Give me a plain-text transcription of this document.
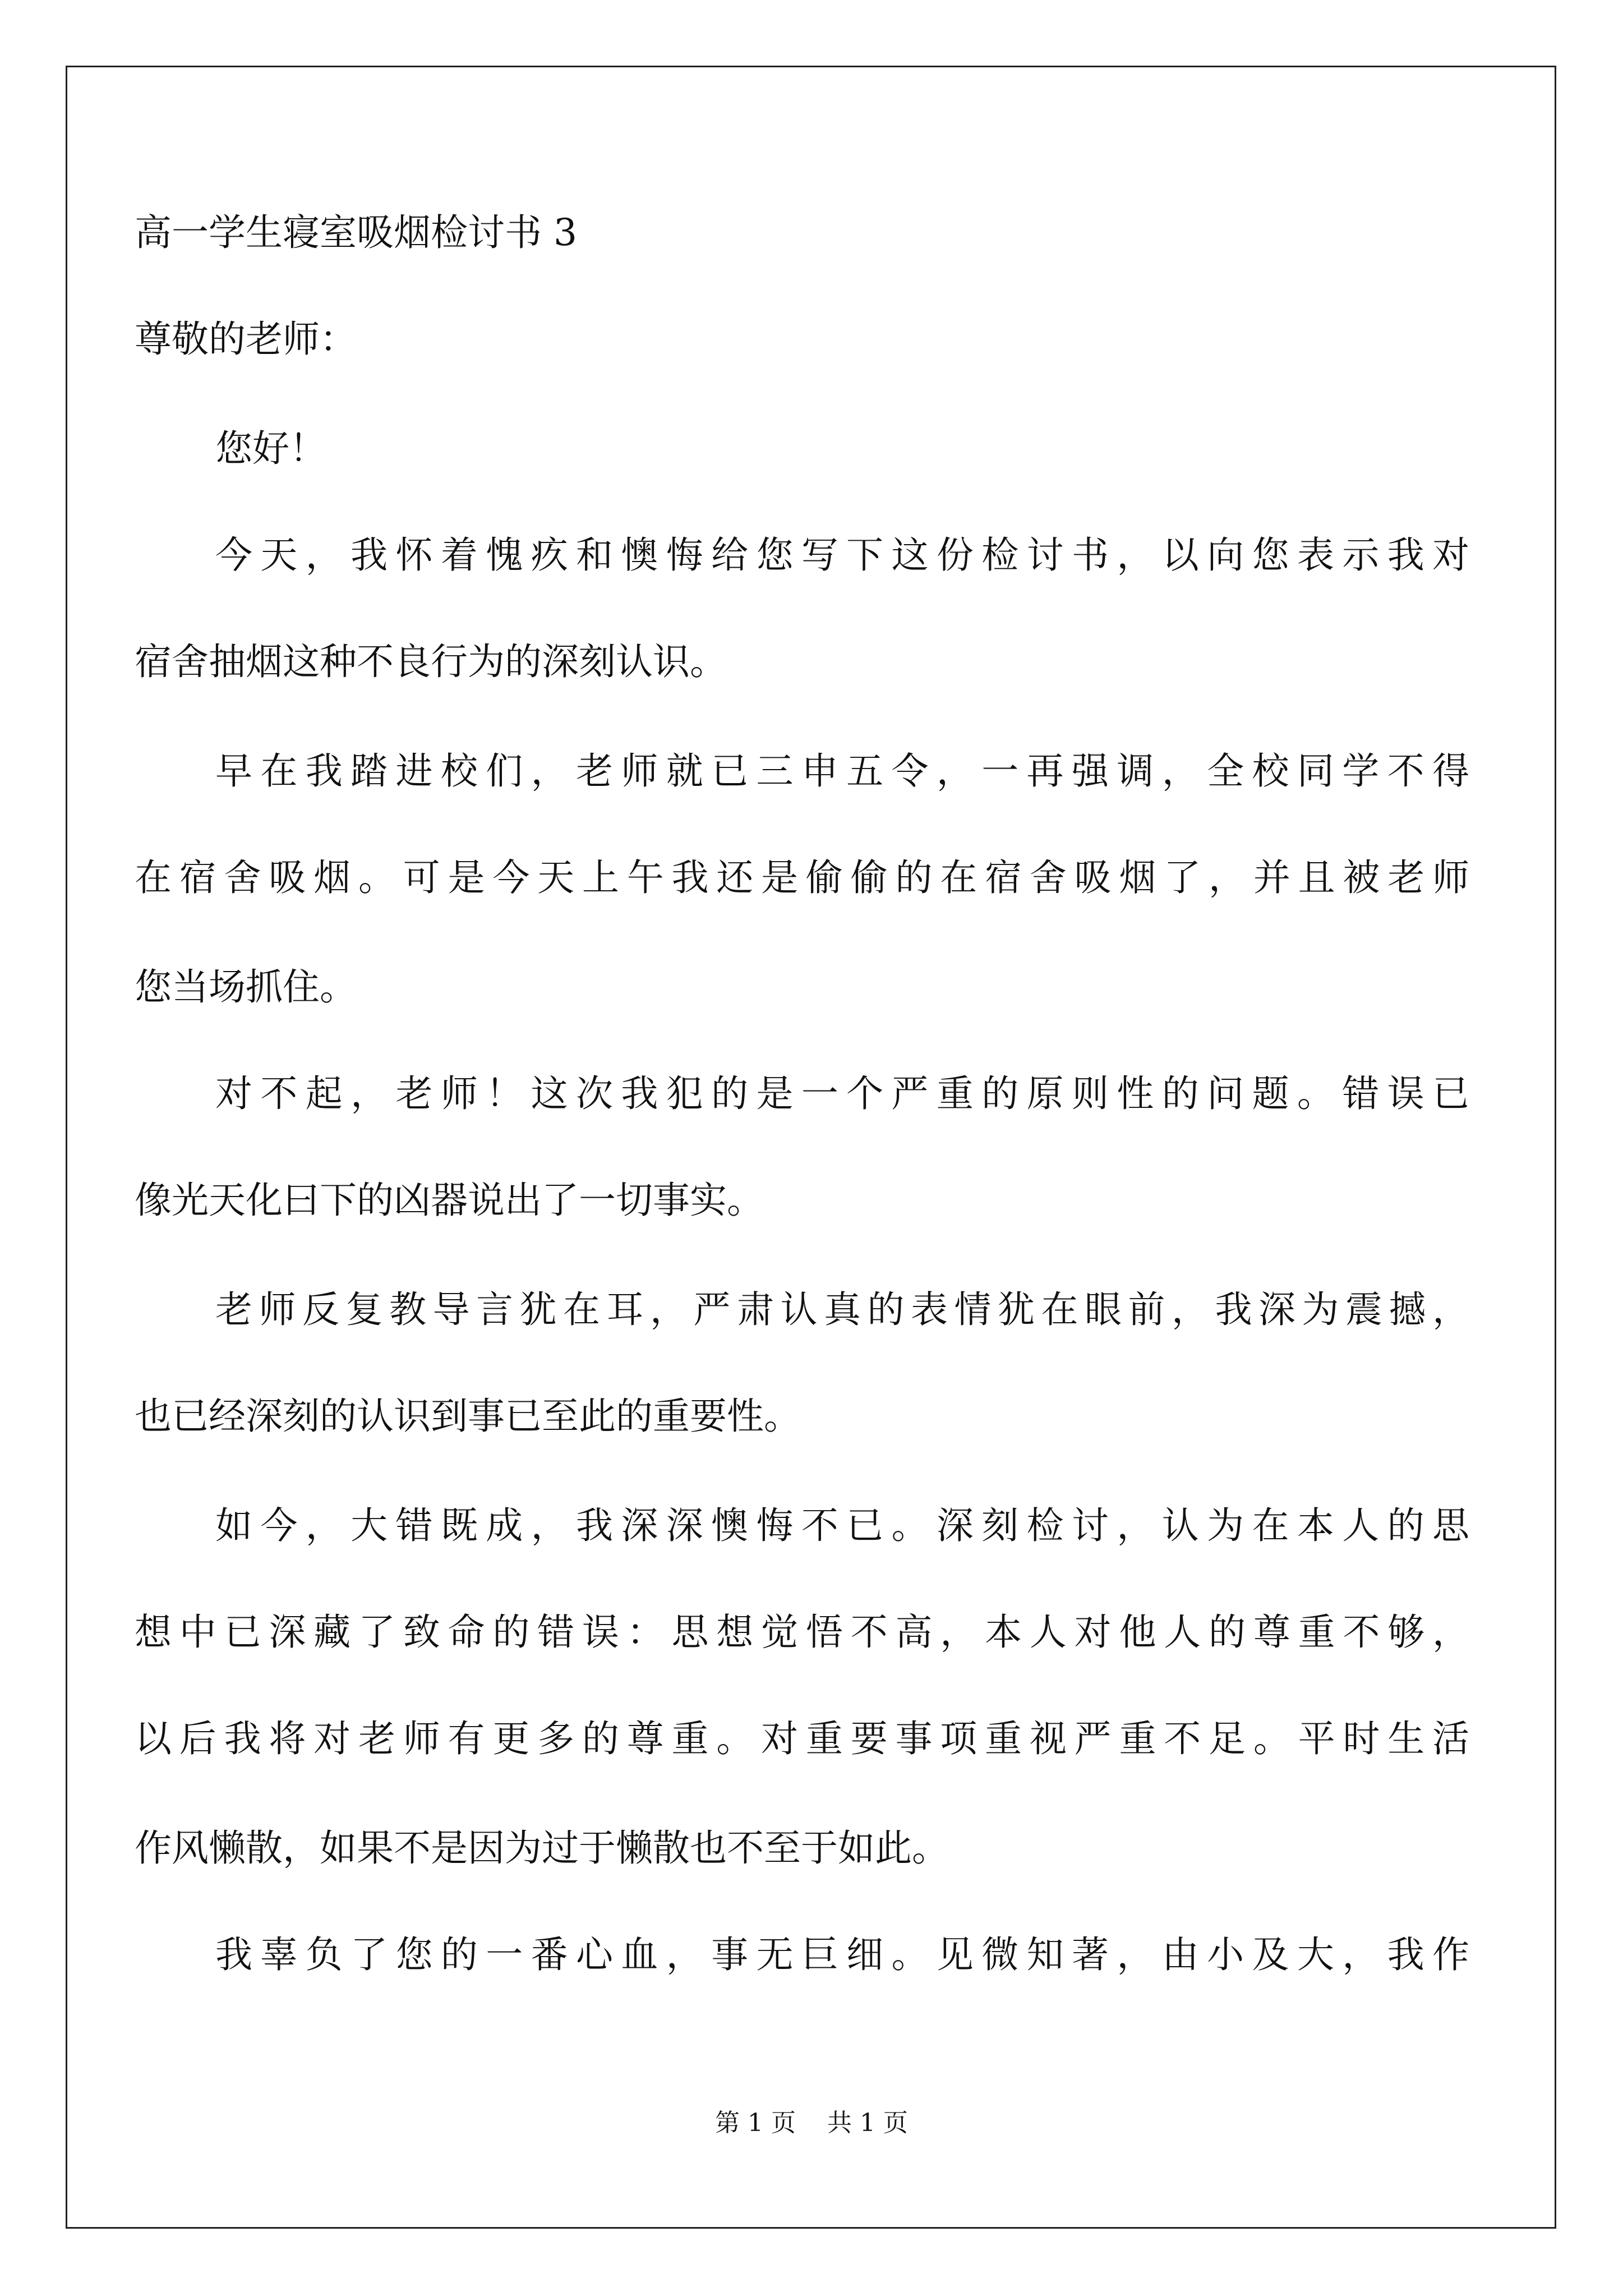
高一学生寝室吸烟检讨书 3
尊敬的老师：
您好！
今天，我怀着愧疚和懊悔给您写下这份检讨书，以向您表示我对
宿舍抽烟这种不良行为的深刻认识。
早在我踏进校们，老师就已三申五令，一再强调，全校同学不得
在宿舍吸烟。可是今天上午我还是偷偷的在宿舍吸烟了，并且被老师
您当场抓住。
对不起，老师！这次我犯的是一个严重的原则性的问题。错误已
像光天化曰下的凶器说出了一切事实。
老师反复教导言犹在耳，严肃认真的表情犹在眼前，我深为震撼，
也已经深刻的认识到事已至此的重要性。
如今，大错既成，我深深懊悔不已。深刻检讨，认为在本人的思
想中已深藏了致命的错误：思想觉悟不高，本人对他人的尊重不够，
以后我将对老师有更多的尊重。对重要事项重视严重不足。平时生活
作风懒散，如果不是因为过于懒散也不至于如此。
我辜负了您的一番心血，事无巨细。见微知著，由小及大，我作
第 1 页    共 1 页
